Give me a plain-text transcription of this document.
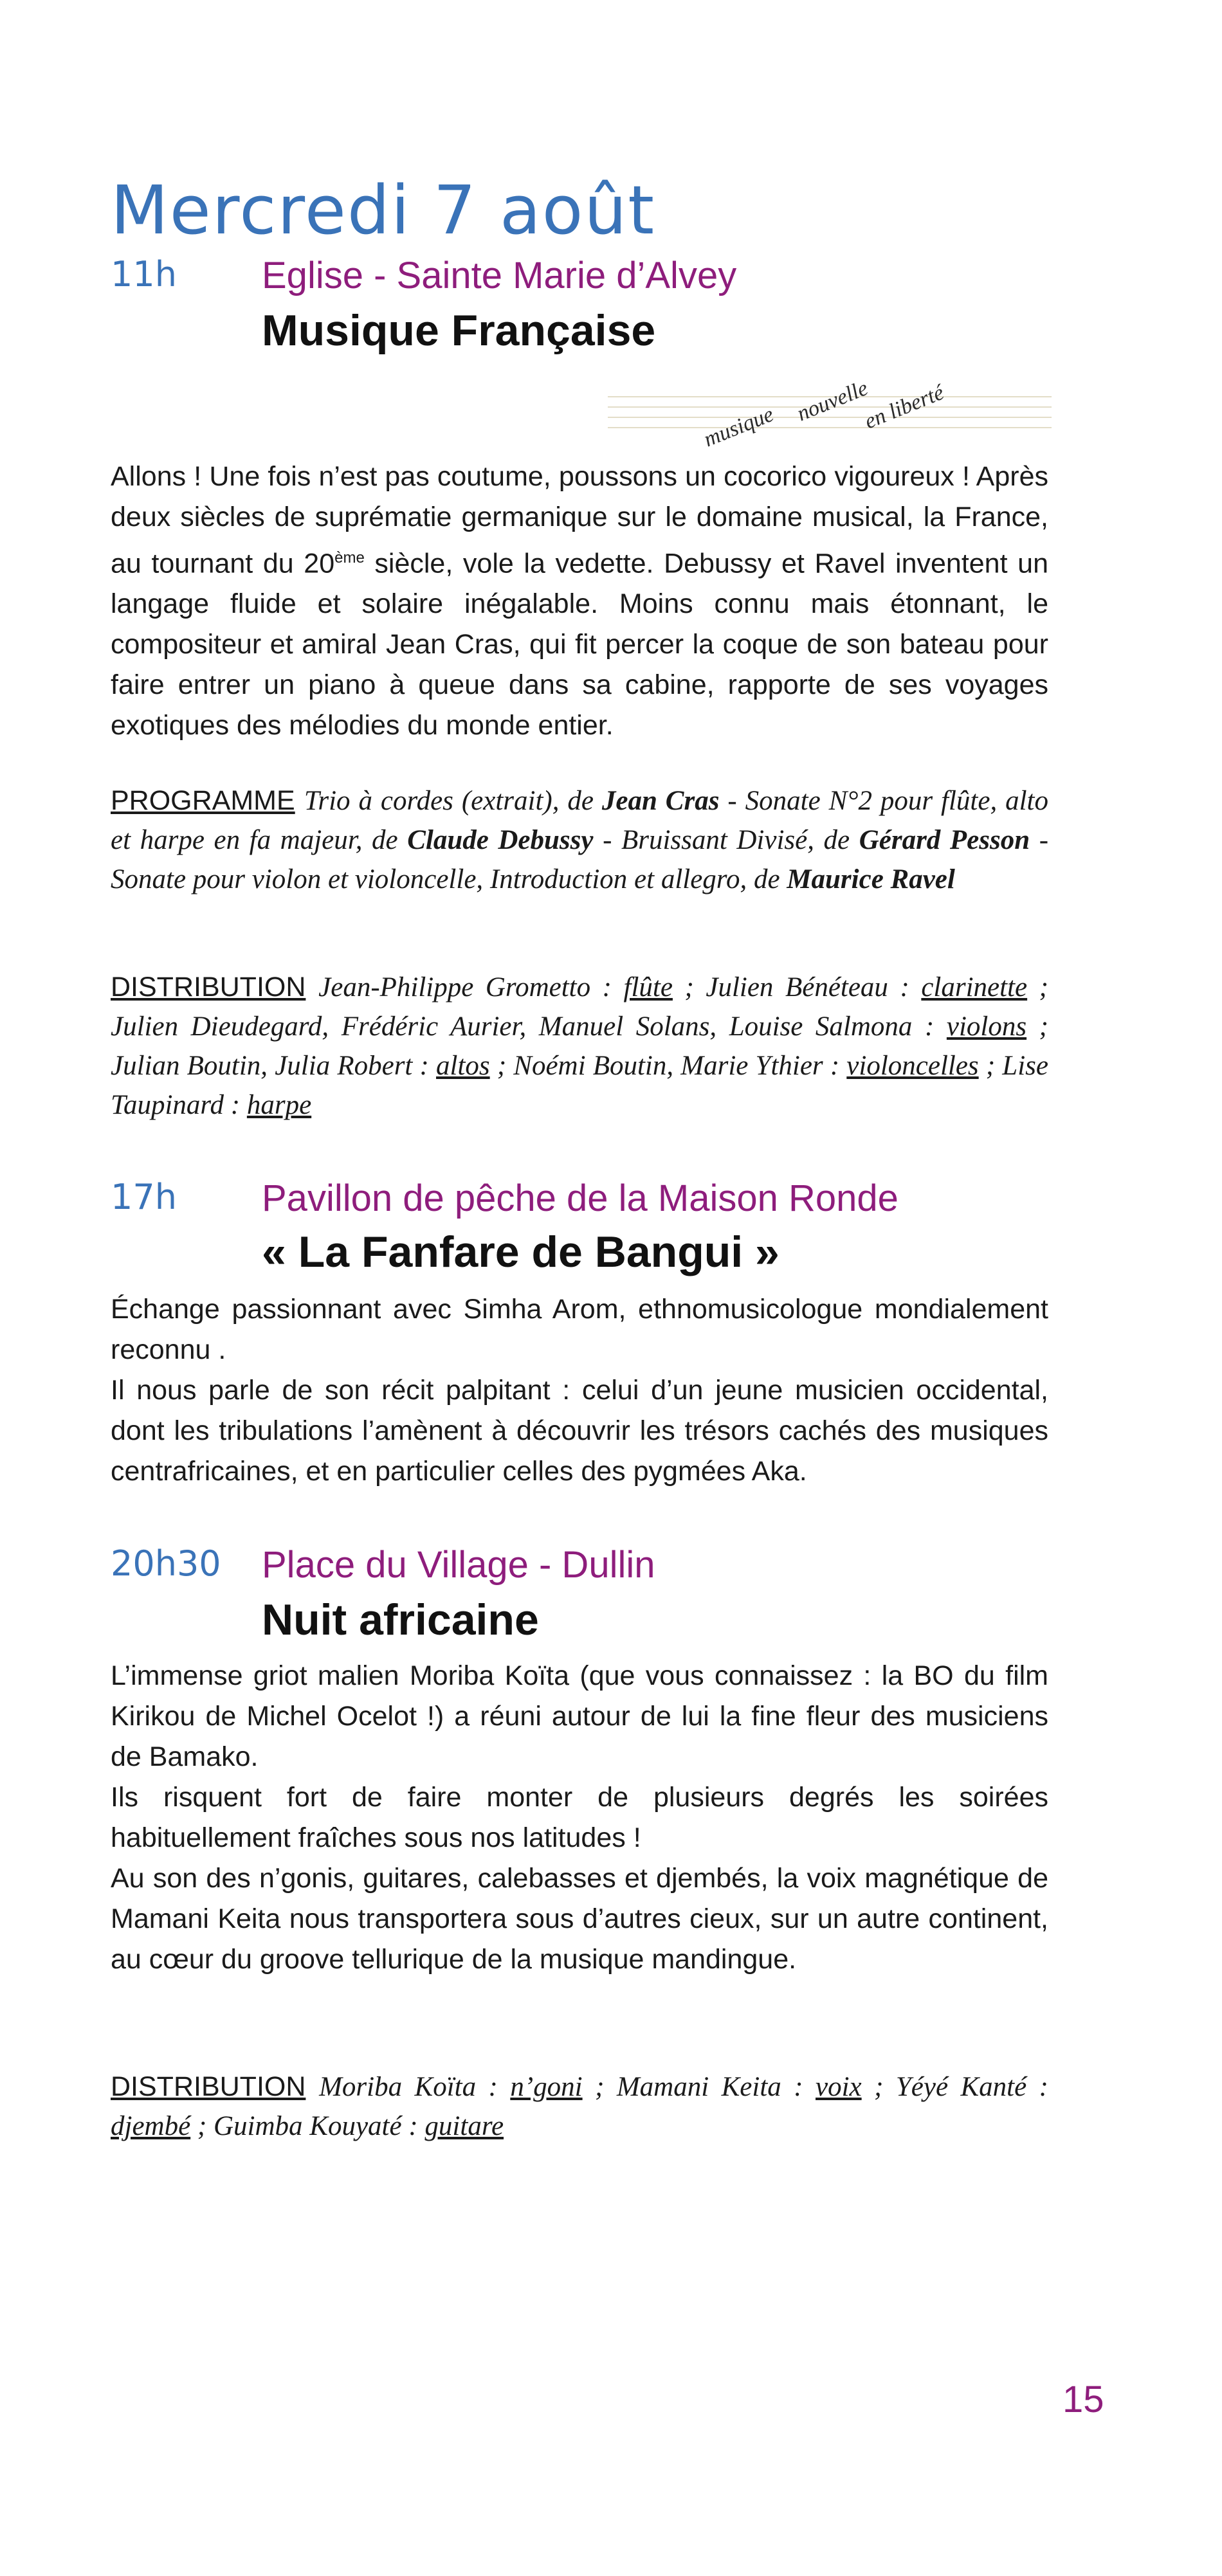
Mercredi 7 août
11h Eglise - Sainte Marie d’Alvey
Musique Française

Allons ! Une fois n’est pas coutume, poussons un cocorico vigoureux ! Après deux siècles de suprématie germanique sur le domaine musical, la France, au tournant du 20ème siècle, vole la vedette. Debussy et Ravel inventent un langage fluide et solaire inégalable. Moins connu mais étonnant, le compositeur et amiral Jean Cras, qui fit percer la coque de son bateau pour faire entrer un piano à queue dans sa cabine, rapporte de ses voyages exotiques des mélodies du monde entier.

PROGRAMME Trio à cordes (extrait), de Jean Cras - Sonate N°2 pour flûte, alto et harpe en fa majeur, de Claude Debussy - Bruissant Divisé, de Gérard Pesson - Sonate pour violon et violoncelle, Introduction et allegro, de Maurice Ravel
DISTRIBUTION Jean-Philippe Grometto : flûte ; Julien Bénéteau : clarinette ; Julien Dieudegard, Frédéric Aurier, Manuel Solans, Louise Salmona : violons ; Julian Boutin, Julia Robert : altos ; Noémi Boutin, Marie Ythier : violoncelles ; Lise Taupinard : harpe
musique
nouvelle
en liberté
17h Pavillon de pêche de la Maison Ronde
« La Fanfare de Bangui »

Échange passionnant avec Simha Arom, ethnomusicologue mondialement reconnu .

Il nous parle de son récit palpitant : celui d’un jeune musicien occidental, dont les tribulations l’amènent à découvrir les trésors cachés des musiques centrafricaines, et en particulier celles des pygmées Aka.

20h30 Place du Village - Dullin
Nuit africaine

L’immense griot malien Moriba Koïta (que vous connaissez : la BO du film Kirikou de Michel Ocelot !) a réuni autour de lui la fine fleur des musiciens de Bamako.

Ils risquent fort de faire monter de plusieurs degrés les soirées habituellement fraîches sous nos latitudes !

Au son des n’gonis, guitares, calebasses et djembés, la voix magnétique de Mamani Keita nous transportera sous d’autres cieux, sur un autre continent, au cœur du groove tellurique de la musique mandingue.

DISTRIBUTION Moriba Koïta : n’goni ; Mamani Keita : voix ; Yéyé Kanté : djembé ; Guimba Kouyaté : guitare
15
